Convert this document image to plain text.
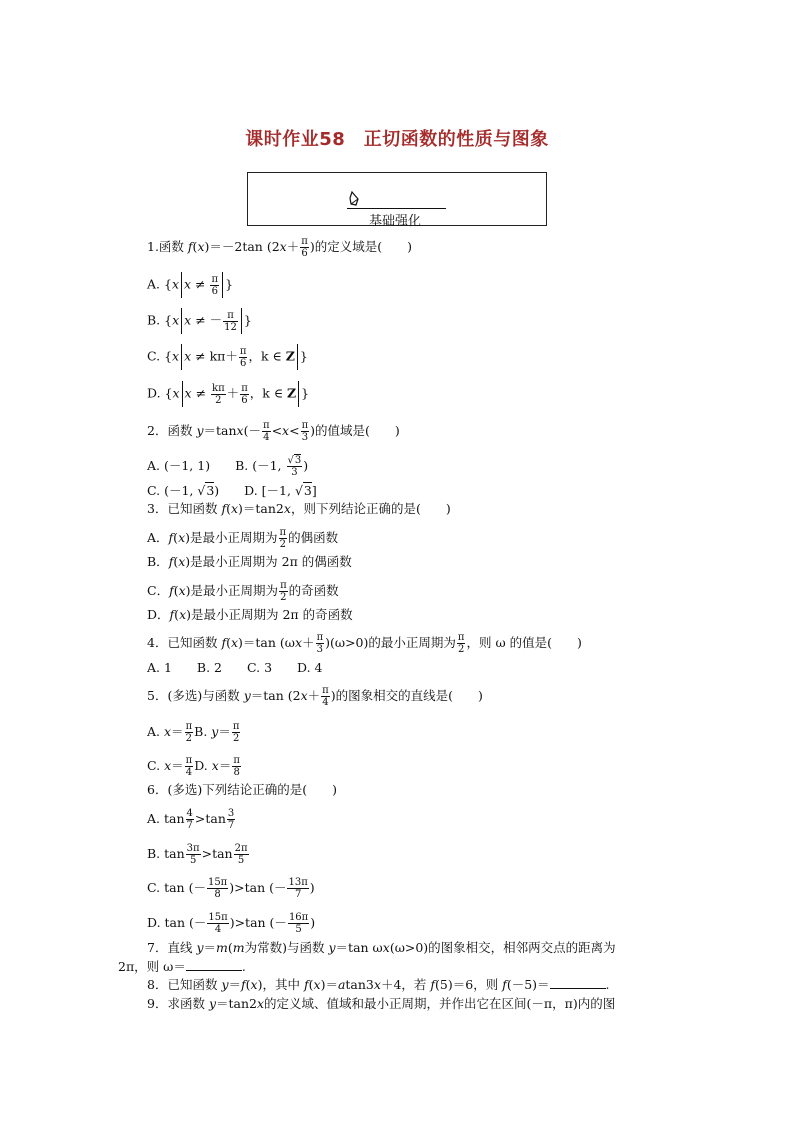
课时作业58　正切函数的性质与图象
基础强化
1.函数 f(x)＝－2tan ($2x+ \frac{\pi}{6}$ )的定义域是(　　)
A. {x $x \ne \frac{\pi}{6}$ }
B. {x x ≠ － $\frac{\pi}{12}$ }
C. {x $x \ne k\pi+ \frac{\pi}{6}$ ，k ∈ Z }
D. {x $x \ne \frac{k\pi}{2} + \frac{\pi}{6}$ ，k ∈ Z }
2．函数 $y=\tan x(- \frac{\pi}{4} <x< \frac{\pi}{3}$ )的值域是(　　)
A. (－1, 1)　　B. (－1, $\frac{√3}{3}$ )
C. (－1, √3)　　D. [－1, √3]
3．已知函数 f(x)＝tan2x，则下列结论正确的是(　　)
A．f(x)是最小正周期为 $\frac{\pi}{2}$ 的偶函数
B．f(x)是最小正周期为 2π 的偶函数
C．f(x)是最小正周期为 $\frac{\pi}{2}$ 的奇函数
D．f(x)是最小正周期为 2π 的奇函数
4．已知函数 f(x)＝tan $(\omega x+ \frac{\pi}{3} )(\omega>0)$的最小正周期为 $\frac{\pi}{2}$ ，则 ω 的值是(　　)
A. 1　　B. 2　　C. 3　　D. 4
5．(多选)与函数 y＝tan ($2x+ \frac{\pi}{4}$ )的图象相交的直线是(　　)
A. $x= \frac{\pi}{2} B$. $y= \frac{\pi}{2}$
C. $x= \frac{\pi}{4} D$. $x= \frac{\pi}{8}$
6．(多选)下列结论正确的是(　　)
A. $\tan \frac{4}{7} >\tan \frac{3}{7}$
B. $\tan \frac{3\pi}{5} >\tan \frac{2\pi}{5}$
C. tan (－ $\frac{15\pi}{8} )>\tan$ (－ $\frac{13\pi}{7}$ )
D. tan (－ $\frac{15\pi}{4} )>\tan$ (－ $\frac{16\pi}{5}$ )
7．直线 y＝m(m为常数)与函数 y＝tan ωx(ω>0)的图象相交，相邻两交点的距离为
2π，则 ω＝	.
8．已知函数 y＝f(x)，其中 f(x)＝atan3x＋4，若 f(5)＝6，则 f(－5)＝	.
9．求函数 y＝tan2x的定义域、值域和最小正周期，并作出它在区间(－π，π)内的图
